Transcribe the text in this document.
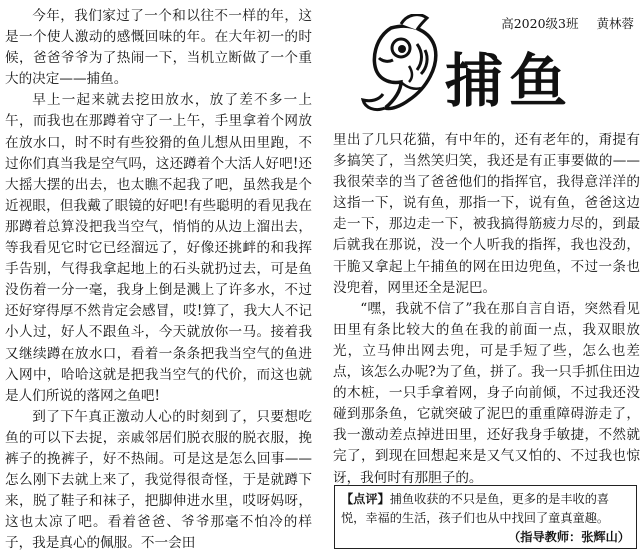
今年，我们家过了一个和以往不一样的年，这是一个使人激动的感慨回味的年。在大年初一的时候，爸爸爷爷为了热闹一下，当机立断做了一个重大的决定——捕鱼。

早上一起来就去挖田放水，放了差不多一上午，而我也在那蹲着守了一上午，手里拿着个网放在放水口，时不时有些狡猾的鱼儿想从田里跑，不过你们真当我是空气吗，这还蹲着个大活人好吧!还大摇大摆的出去，也太瞧不起我了吧，虽然我是个近视眼，但我戴了眼镜的好吧!有些聪明的看见我在那蹲着总算没把我当空气，悄悄的从边上溜出去，等我看见它时它已经溜远了，好像还挑衅的和我挥手告别，气得我拿起地上的石头就扔过去，可是鱼没伤着一分一毫，我身上倒是溅上了许多水，不过还好穿得厚不然肯定会感冒，哎!算了，我大人不记小人过，好人不跟鱼斗，今天就放你一马。接着我又继续蹲在放水口，看着一条条把我当空气的鱼进入网中，哈哈这就是把我当空气的代价，而这也就是人们所说的落网之鱼吧!

到了下午真正激动人心的时刻到了，只要想吃鱼的可以下去捉，亲戚邻居们脱衣服的脱衣服，挽裤子的挽裤子，好不热闹。可是这是怎么回事——怎么刚下去就上来了，我觉得很奇怪，于是就蹲下来，脱了鞋子和袜子，把脚伸进水里，哎呀妈呀，这也太凉了吧。看着爸爸、爷爷那毫不怕冷的样子，我是真心的佩服。不一会田

高2020级3班 黄林蓉
捕鱼

里出了几只花猫，有中年的，还有老年的，甭提有多搞笑了，当然笑归笑，我还是有正事要做的——我很荣幸的当了爸爸他们的指挥官，我得意洋洋的这指一下，说有鱼，那指一下，说有鱼，爸爸这边走一下，那边走一下，被我搞得筋疲力尽的，到最后就我在那说，没一个人听我的指挥，我也没劲，干脆又拿起上午捕鱼的网在田边兜鱼，不过一条也没兜着，网里还全是泥巴。

“嘿，我就不信了”我在那自言自语，突然看见田里有条比较大的鱼在我的前面一点，我双眼放光，立马伸出网去兜，可是手短了些，怎么也差点，该怎么办呢?为了鱼，拼了。我一只手抓住田边的木桩，一只手拿着网，身子向前倾，不过我还没碰到那条鱼，它就突破了泥巴的重重障碍游走了，我一激动差点掉进田里，还好我身手敏捷，不然就完了，到现在回想起来是又气又怕的、不过我也惊讶，我何时有那胆子的。

【点评】捕鱼收获的不只是鱼，更多的是丰收的喜悦，幸福的生活，孩子们也从中找回了童真童趣。
（指导教师：张辉山）
